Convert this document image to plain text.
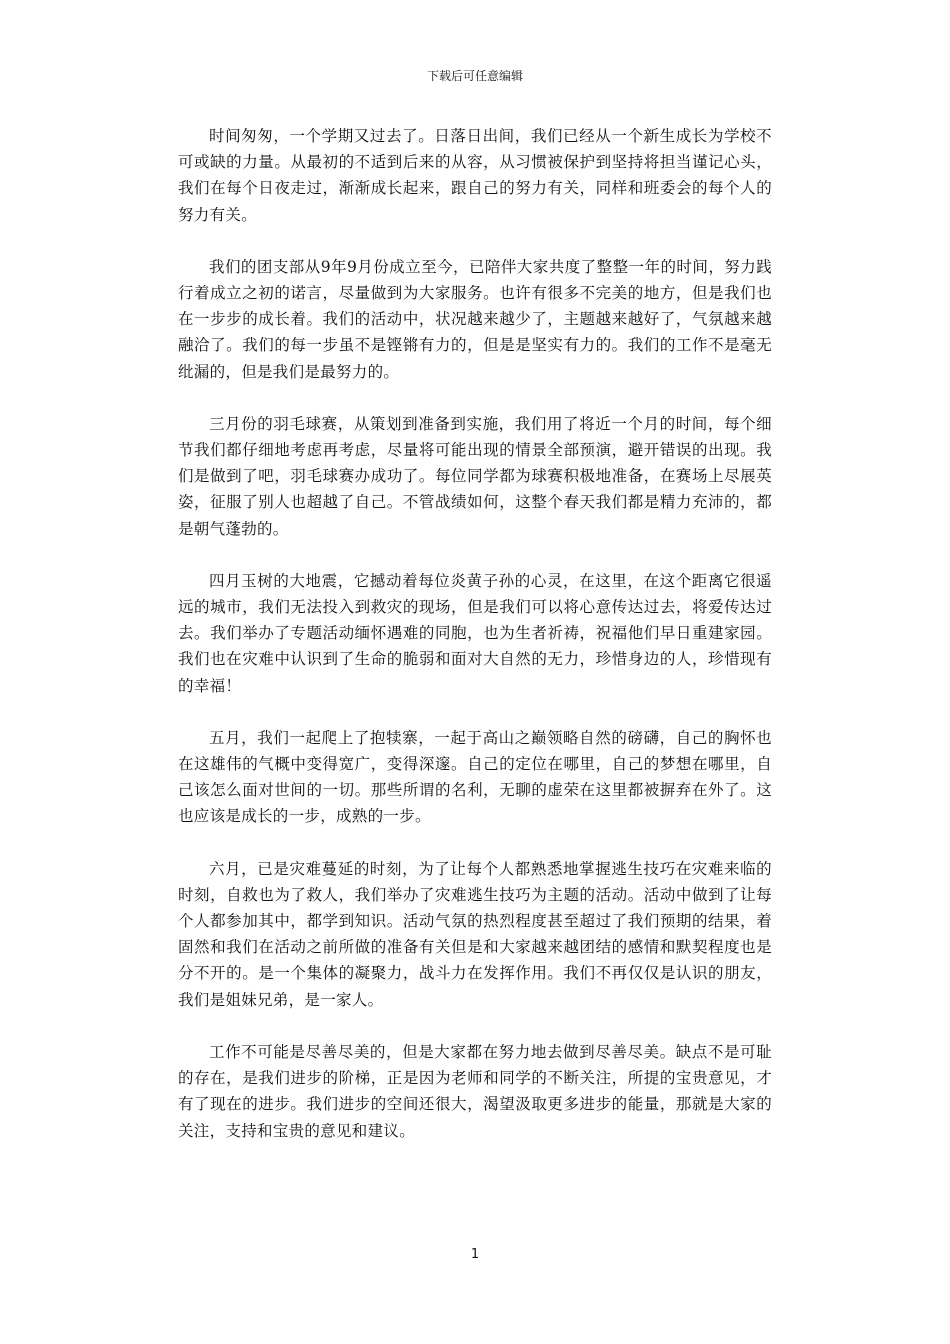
下载后可任意编辑

时间匆匆，一个学期又过去了。日落日出间，我们已经从一个新生成长为学校不可或缺的力量。从最初的不适到后来的从容，从习惯被保护到坚持将担当谨记心头，我们在每个日夜走过，渐渐成长起来，跟自己的努力有关，同样和班委会的每个人的努力有关。

我们的团支部从9年9月份成立至今，已陪伴大家共度了整整一年的时间，努力践行着成立之初的诺言，尽量做到为大家服务。也许有很多不完美的地方，但是我们也在一步步的成长着。我们的活动中，状况越来越少了，主题越来越好了，气氛越来越融洽了。我们的每一步虽不是铿锵有力的，但是是坚实有力的。我们的工作不是毫无纰漏的，但是我们是最努力的。

三月份的羽毛球赛，从策划到准备到实施，我们用了将近一个月的时间，每个细节我们都仔细地考虑再考虑，尽量将可能出现的情景全部预演，避开错误的出现。我们是做到了吧，羽毛球赛办成功了。每位同学都为球赛积极地准备，在赛场上尽展英姿，征服了别人也超越了自己。不管战绩如何，这整个春天我们都是精力充沛的，都是朝气蓬勃的。

四月玉树的大地震，它撼动着每位炎黄子孙的心灵，在这里，在这个距离它很遥远的城市，我们无法投入到救灾的现场，但是我们可以将心意传达过去，将爱传达过去。我们举办了专题活动缅怀遇难的同胞，也为生者祈祷，祝福他们早日重建家园。我们也在灾难中认识到了生命的脆弱和面对大自然的无力，珍惜身边的人，珍惜现有的幸福！

五月，我们一起爬上了抱犊寨，一起于高山之巅领略自然的磅礴，自己的胸怀也在这雄伟的气概中变得宽广，变得深邃。自己的定位在哪里，自己的梦想在哪里，自己该怎么面对世间的一切。那些所谓的名利，无聊的虚荣在这里都被摒弃在外了。这也应该是成长的一步，成熟的一步。

六月，已是灾难蔓延的时刻，为了让每个人都熟悉地掌握逃生技巧在灾难来临的时刻，自救也为了救人，我们举办了灾难逃生技巧为主题的活动。活动中做到了让每个人都参加其中，都学到知识。活动气氛的热烈程度甚至超过了我们预期的结果，着固然和我们在活动之前所做的准备有关但是和大家越来越团结的感情和默契程度也是分不开的。是一个集体的凝聚力，战斗力在发挥作用。我们不再仅仅是认识的朋友，我们是姐妹兄弟，是一家人。

工作不可能是尽善尽美的，但是大家都在努力地去做到尽善尽美。缺点不是可耻的存在，是我们进步的阶梯，正是因为老师和同学的不断关注，所提的宝贵意见，才有了现在的进步。我们进步的空间还很大，渴望汲取更多进步的能量，那就是大家的关注，支持和宝贵的意见和建议。

1
